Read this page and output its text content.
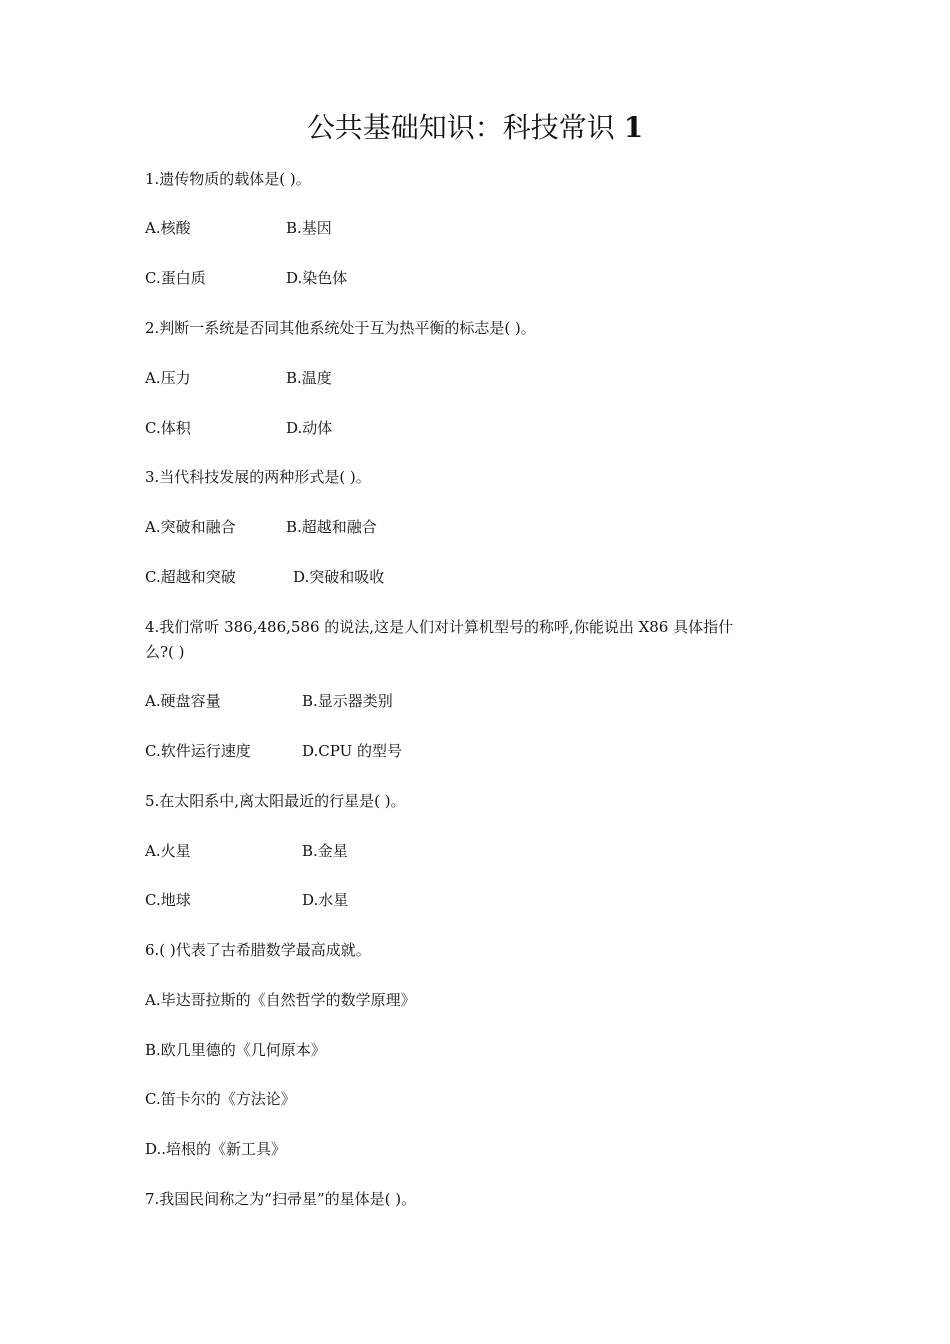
公共基础知识：科技常识 1

1.遗传物质的载体是( )。

A.核酸	B.基因
C.蛋白质	D.染色体

2.判断一系统是否同其他系统处于互为热平衡的标志是( )。

A.压力	B.温度
C.体积	D.动体

3.当代科技发展的两种形式是( )。

A.突破和融合	B.超越和融合
C.超越和突破	D.突破和吸收

4.我们常听 386,486,586 的说法,这是人们对计算机型号的称呼,你能说出 X86 具体指什

么?( )

A.硬盘容量	B.显示器类别
C.软件运行速度	D.CPU 的型号

5.在太阳系中,离太阳最近的行星是( )。

A.火星	B.金星
C.地球	D.水星

6.( )代表了古希腊数学最高成就。

A.毕达哥拉斯的《自然哲学的数学原理》

B.欧几里德的《几何原本》

C.笛卡尔的《方法论》

D..培根的《新工具》

7.我国民间称之为“扫帚星”的星体是( )。
